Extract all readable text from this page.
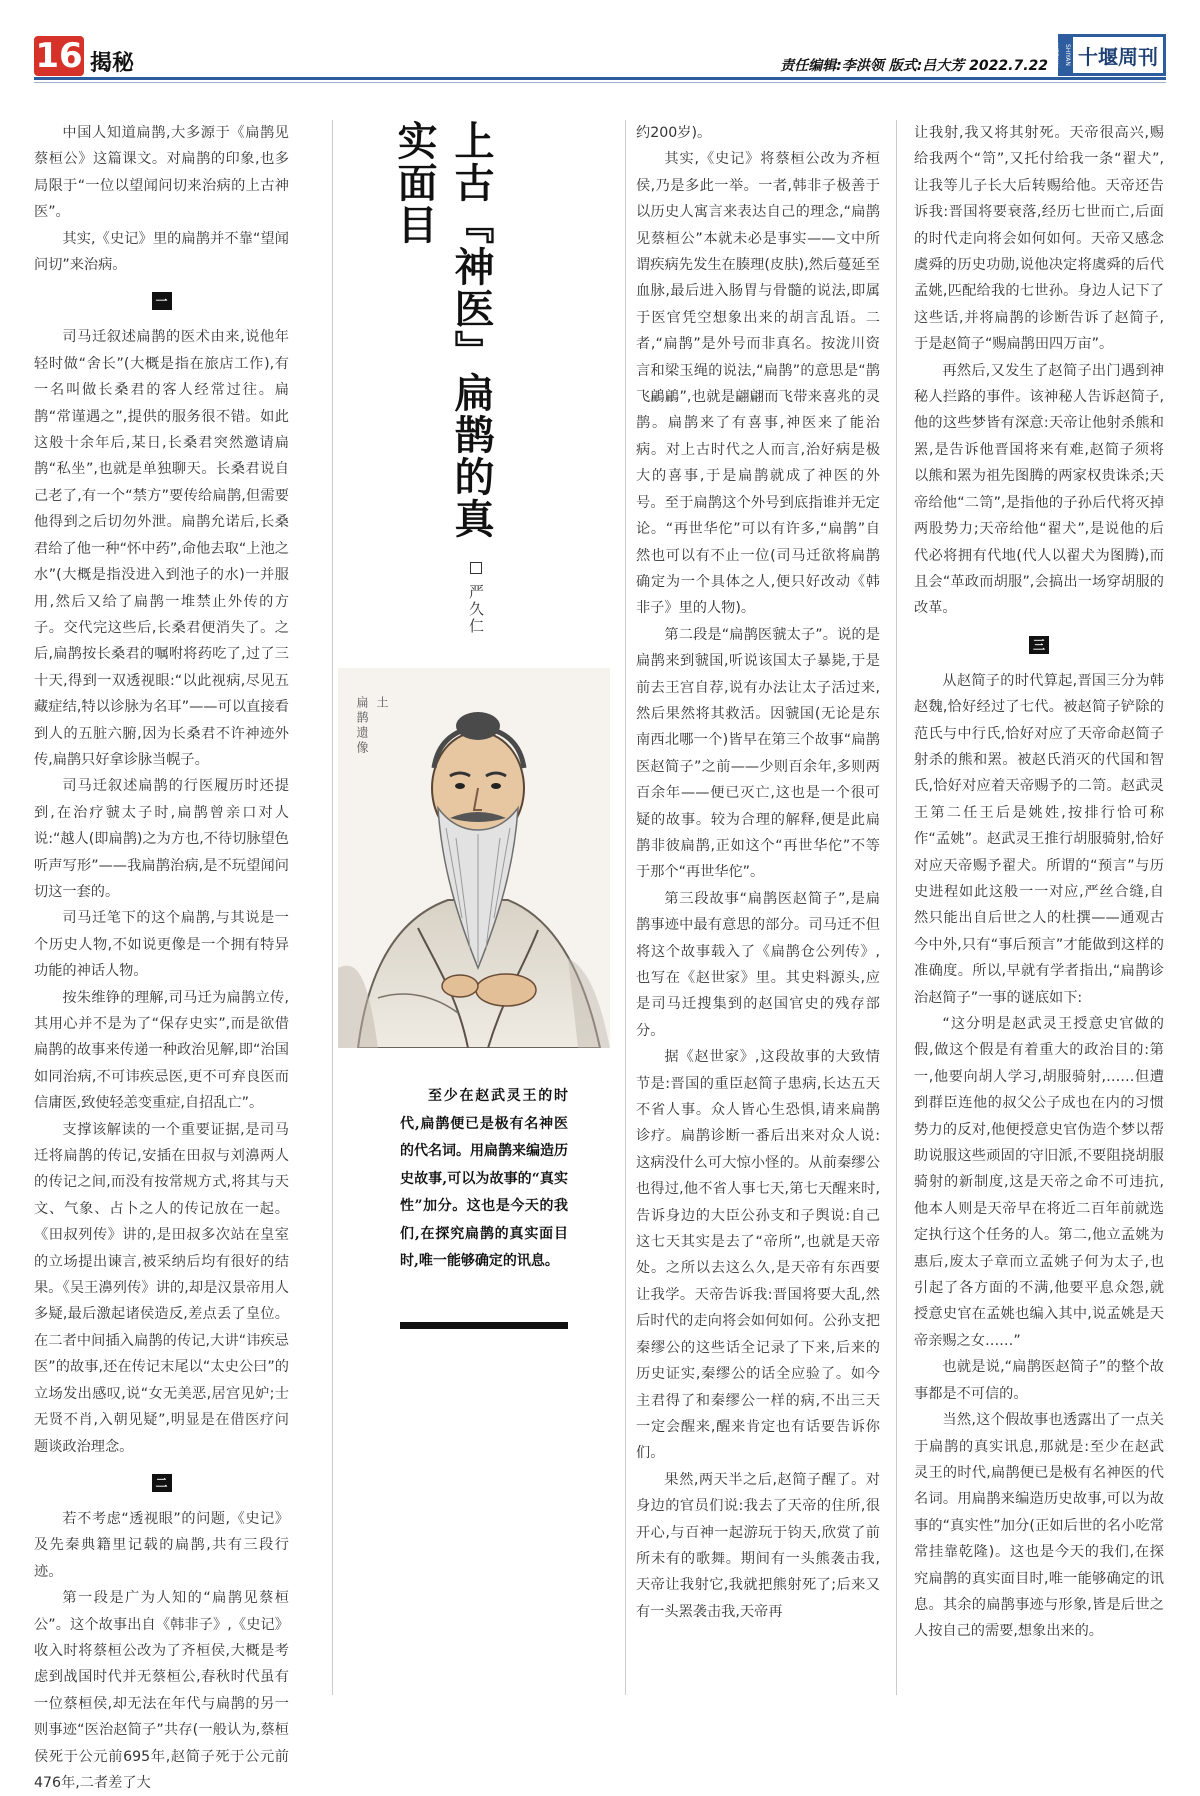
16 揭秘	责任编辑:李洪领 版式:吕大芳 2022.7.22
SHIYAN WEEKLY 十堰周刊

中国人知道扁鹊,大多源于《扁鹊见蔡桓公》这篇课文。对扁鹊的印象,也多局限于“一位以望闻问切来治病的上古神医”。

其实,《史记》里的扁鹊并不靠“望闻问切”来治病。

一

司马迁叙述扁鹊的医术由来,说他年轻时做“舍长”(大概是指在旅店工作),有一名叫做长桑君的客人经常过往。扁鹊“常谨遇之”,提供的服务很不错。如此这般十余年后,某日,长桑君突然邀请扁鹊“私坐”,也就是单独聊天。长桑君说自己老了,有一个“禁方”要传给扁鹊,但需要他得到之后切勿外泄。扁鹊允诺后,长桑君给了他一种“怀中药”,命他去取“上池之水”(大概是指没进入到池子的水)一并服用,然后又给了扁鹊一堆禁止外传的方子。交代完这些后,长桑君便消失了。之后,扁鹊按长桑君的嘱咐将药吃了,过了三十天,得到一双透视眼:“以此视病,尽见五藏症结,特以诊脉为名耳”——可以直接看到人的五脏六腑,因为长桑君不许神迹外传,扁鹊只好拿诊脉当幌子。

司马迁叙述扁鹊的行医履历时还提到,在治疗虢太子时,扁鹊曾亲口对人说:“越人(即扁鹊)之为方也,不待切脉望色听声写形”——我扁鹊治病,是不玩望闻问切这一套的。

司马迁笔下的这个扁鹊,与其说是一个历史人物,不如说更像是一个拥有特异功能的神话人物。

按朱维铮的理解,司马迁为扁鹊立传,其用心并不是为了“保存史实”,而是欲借扁鹊的故事来传递一种政治见解,即“治国如同治病,不可讳疾忌医,更不可弃良医而信庸医,致使轻恙变重症,自招乱亡”。

支撑该解读的一个重要证据,是司马迁将扁鹊的传记,安插在田叔与刘濞两人的传记之间,而没有按常规方式,将其与天文、气象、占卜之人的传记放在一起。《田叔列传》讲的,是田叔多次站在皇室的立场提出谏言,被采纳后均有很好的结果。《吴王濞列传》讲的,却是汉景帝用人多疑,最后激起诸侯造反,差点丢了皇位。在二者中间插入扁鹊的传记,大讲“讳疾忌医”的故事,还在传记末尾以“太史公曰”的立场发出感叹,说“女无美恶,居宫见妒;士无贤不肖,入朝见疑”,明显是在借医疗问题谈政治理念。

二

若不考虑“透视眼”的问题,《史记》及先秦典籍里记载的扁鹊,共有三段行迹。

第一段是广为人知的“扁鹊见蔡桓公”。这个故事出自《韩非子》,《史记》收入时将蔡桓公改为了齐桓侯,大概是考虑到战国时代并无蔡桓公,春秋时代虽有一位蔡桓侯,却无法在年代与扁鹊的另一则事迹“医治赵简子”共存(一般认为,蔡桓侯死于公元前695年,赵简子死于公元前476年,二者差了大

上古『神医』扁鹊的真实面目
严久仁
扁鹊遗像 土

至少在赵武灵王的时代,扁鹊便已是极有名神医的代名词。用扁鹊来编造历史故事,可以为故事的“真实性”加分。这也是今天的我们,在探究扁鹊的真实面目时,唯一能够确定的讯息。

约200岁)。

其实,《史记》将蔡桓公改为齐桓侯,乃是多此一举。一者,韩非子极善于以历史人寓言来表达自己的理念,“扁鹊见蔡桓公”本就未必是事实——文中所谓疾病先发生在腠理(皮肤),然后蔓延至血脉,最后进入肠胃与骨髓的说法,即属于医官凭空想象出来的胡言乱语。二者,“扁鹊”是外号而非真名。按泷川资言和梁玉绳的说法,“扁鹊”的意思是“鹊飞鶣鶣”,也就是翩翩而飞带来喜兆的灵鹊。扁鹊来了有喜事,神医来了能治病。对上古时代之人而言,治好病是极大的喜事,于是扁鹊就成了神医的外号。至于扁鹊这个外号到底指谁并无定论。“再世华佗”可以有许多,“扁鹊”自然也可以有不止一位(司马迁欲将扁鹊确定为一个具体之人,便只好改动《韩非子》里的人物)。

第二段是“扁鹊医虢太子”。说的是扁鹊来到虢国,听说该国太子暴毙,于是前去王宫自荐,说有办法让太子活过来,然后果然将其救活。因虢国(无论是东南西北哪一个)皆早在第三个故事“扁鹊医赵简子”之前——少则百余年,多则两百余年——便已灭亡,这也是一个很可疑的故事。较为合理的解释,便是此扁鹊非彼扁鹊,正如这个“再世华佗”不等于那个“再世华佗”。

第三段故事“扁鹊医赵简子”,是扁鹊事迹中最有意思的部分。司马迁不但将这个故事载入了《扁鹊仓公列传》,也写在《赵世家》里。其史料源头,应是司马迁搜集到的赵国官史的残存部分。

据《赵世家》,这段故事的大致情节是:晋国的重臣赵简子患病,长达五天不省人事。众人皆心生恐惧,请来扁鹊诊疗。扁鹊诊断一番后出来对众人说:这病没什么可大惊小怪的。从前秦缪公也得过,他不省人事七天,第七天醒来时,告诉身边的大臣公孙支和子舆说:自己这七天其实是去了“帝所”,也就是天帝处。之所以去这么久,是天帝有东西要让我学。天帝告诉我:晋国将要大乱,然后时代的走向将会如何如何。公孙支把秦缪公的这些话全记录了下来,后来的历史证实,秦缪公的话全应验了。如今主君得了和秦缪公一样的病,不出三天一定会醒来,醒来肯定也有话要告诉你们。

果然,两天半之后,赵简子醒了。对身边的官员们说:我去了天帝的住所,很开心,与百神一起游玩于钧天,欣赏了前所未有的歌舞。期间有一头熊袭击我,天帝让我射它,我就把熊射死了;后来又有一头罴袭击我,天帝再

让我射,我又将其射死。天帝很高兴,赐给我两个“笥”,又托付给我一条“翟犬”,让我等儿子长大后转赐给他。天帝还告诉我:晋国将要衰落,经历七世而亡,后面的时代走向将会如何如何。天帝又感念虞舜的历史功勋,说他决定将虞舜的后代孟姚,匹配给我的七世孙。身边人记下了这些话,并将扁鹊的诊断告诉了赵简子,于是赵简子“赐扁鹊田四万亩”。

再然后,又发生了赵简子出门遇到神秘人拦路的事件。该神秘人告诉赵简子,他的这些梦皆有深意:天帝让他射杀熊和罴,是告诉他晋国将来有难,赵简子须将以熊和罴为祖先图腾的两家权贵诛杀;天帝给他“二笥”,是指他的子孙后代将灭掉两股势力;天帝给他“翟犬”,是说他的后代必将拥有代地(代人以翟犬为图腾),而且会“革政而胡服”,会搞出一场穿胡服的改革。

三

从赵简子的时代算起,晋国三分为韩赵魏,恰好经过了七代。被赵简子铲除的范氏与中行氏,恰好对应了天帝命赵简子射杀的熊和罴。被赵氏消灭的代国和智氏,恰好对应着天帝赐予的二笥。赵武灵王第二任王后是姚姓,按排行恰可称作“孟姚”。赵武灵王推行胡服骑射,恰好对应天帝赐予翟犬。所谓的“预言”与历史进程如此这般一一对应,严丝合缝,自然只能出自后世之人的杜撰——通观古今中外,只有“事后预言”才能做到这样的准确度。所以,早就有学者指出,“扁鹊诊治赵简子”一事的谜底如下:

“这分明是赵武灵王授意史官做的假,做这个假是有着重大的政治目的:第一,他要向胡人学习,胡服骑射,……但遭到群臣连他的叔父公子成也在内的习惯势力的反对,他便授意史官伪造个梦以帮助说服这些顽固的守旧派,不要阻挠胡服骑射的新制度,这是天帝之命不可违抗,他本人则是天帝早在将近二百年前就选定执行这个任务的人。第二,他立孟姚为惠后,废太子章而立孟姚子何为太子,也引起了各方面的不满,他要平息众怨,就授意史官在孟姚也编入其中,说孟姚是天帝亲赐之女……”

也就是说,“扁鹊医赵简子”的整个故事都是不可信的。

当然,这个假故事也透露出了一点关于扁鹊的真实讯息,那就是:至少在赵武灵王的时代,扁鹊便已是极有名神医的代名词。用扁鹊来编造历史故事,可以为故事的“真实性”加分(正如后世的名小吃常常挂靠乾隆)。这也是今天的我们,在探究扁鹊的真实面目时,唯一能够确定的讯息。其余的扁鹊事迹与形象,皆是后世之人按自己的需要,想象出来的。
